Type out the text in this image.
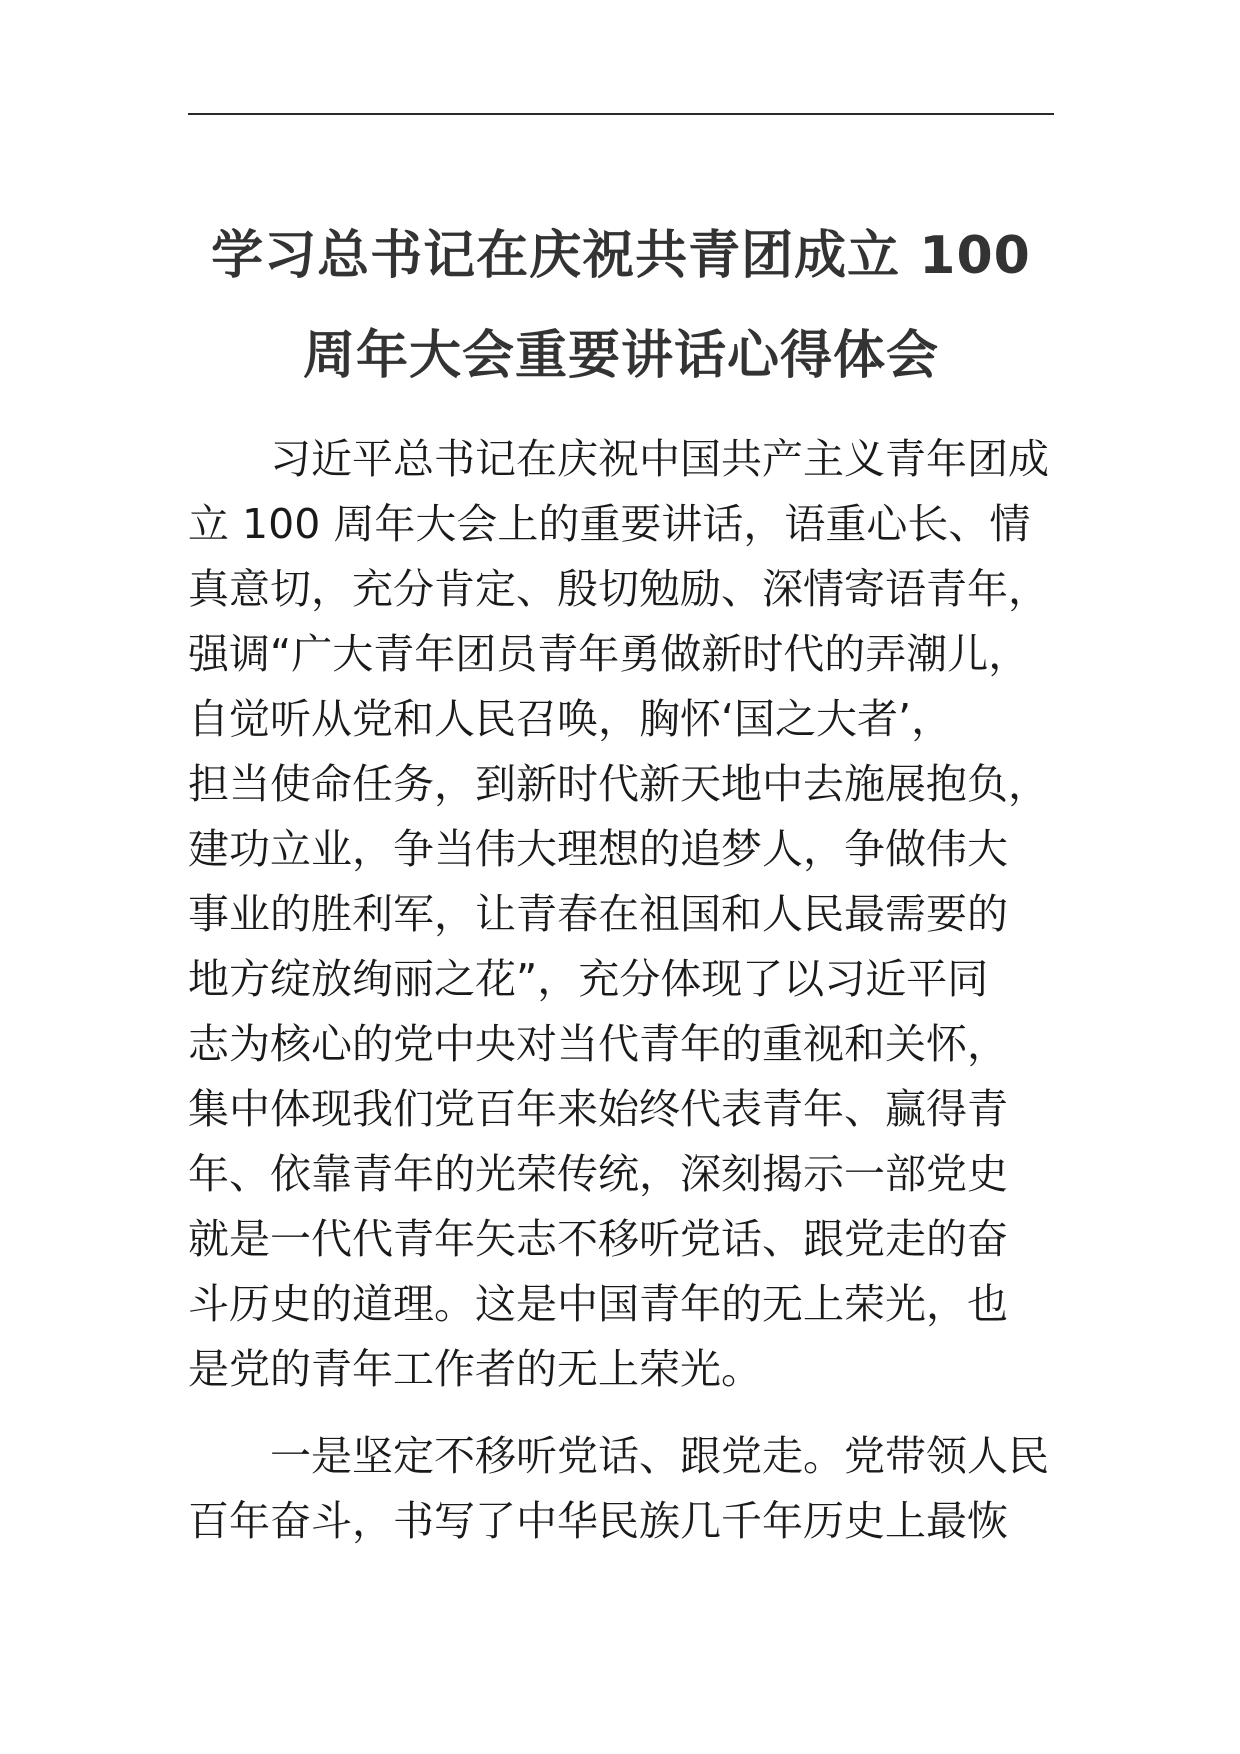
学习总书记在庆祝共青团成立 100
周年大会重要讲话心得体会

习近平总书记在庆祝中国共产主义青年团成
立 100 周年大会上的重要讲话，语重心长、情
真意切，充分肯定、殷切勉励、深情寄语青年，
强调“广大青年团员青年勇做新时代的弄潮儿，
自觉听从党和人民召唤，胸怀‘国之大者’，
担当使命任务，到新时代新天地中去施展抱负，
建功立业，争当伟大理想的追梦人，争做伟大
事业的胜利军，让青春在祖国和人民最需要的
地方绽放绚丽之花”，充分体现了以习近平同
志为核心的党中央对当代青年的重视和关怀，
集中体现我们党百年来始终代表青年、赢得青
年、依靠青年的光荣传统，深刻揭示一部党史
就是一代代青年矢志不移听党话、跟党走的奋
斗历史的道理。这是中国青年的无上荣光，也
是党的青年工作者的无上荣光。

一是坚定不移听党话、跟党走。党带领人民
百年奋斗，书写了中华民族几千年历史上最恢
